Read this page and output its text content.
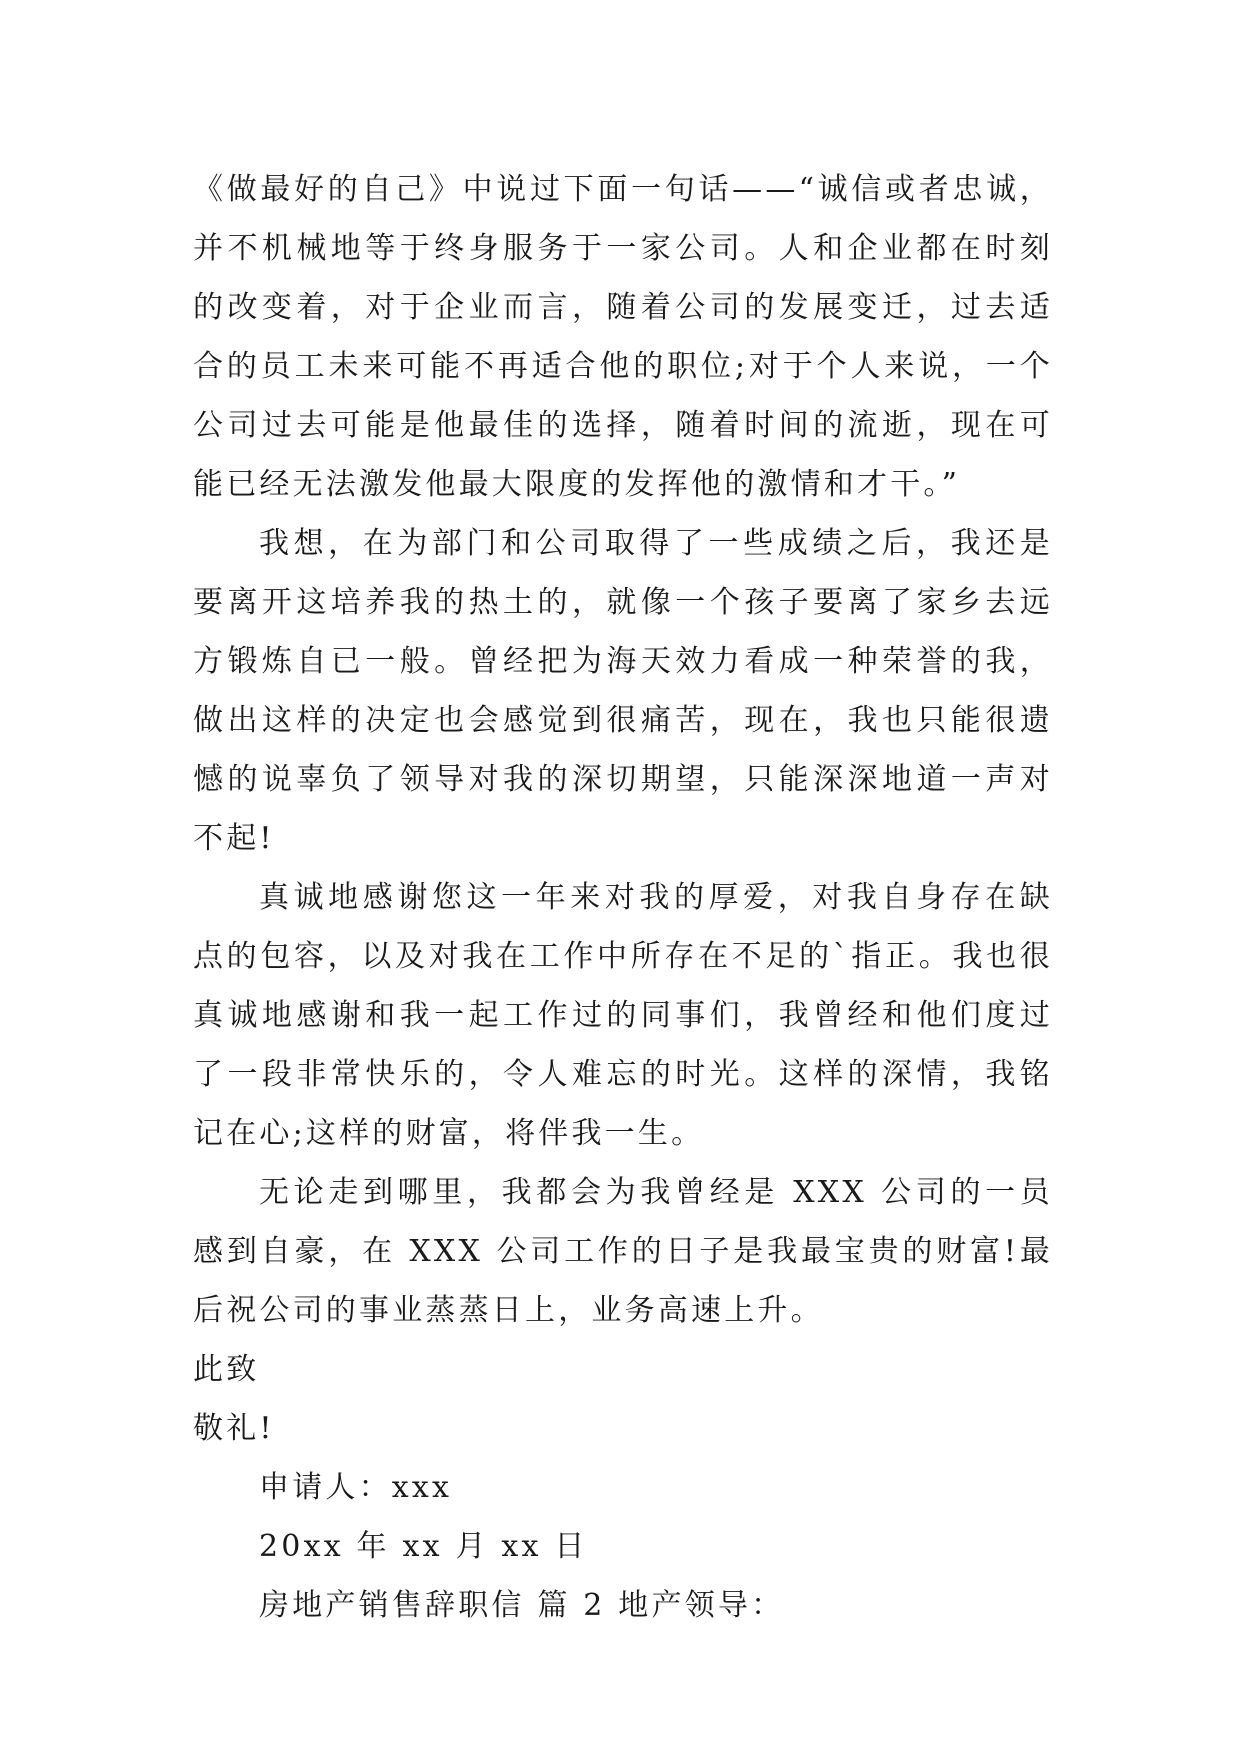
《做最好的自己》中说过下面一句话——“诚信或者忠诚，并不机械地等于终身服务于一家公司。人和企业都在时刻的改变着，对于企业而言，随着公司的发展变迁，过去适合的员工未来可能不再适合他的职位;对于个人来说，一个公司过去可能是他最佳的选择，随着时间的流逝，现在可能已经无法激发他最大限度的发挥他的激情和才干。”

我想，在为部门和公司取得了一些成绩之后，我还是要离开这培养我的热土的，就像一个孩子要离了家乡去远方锻炼自已一般。曾经把为海天效力看成一种荣誉的我，做出这样的决定也会感觉到很痛苦，现在，我也只能很遗憾的说辜负了领导对我的深切期望，只能深深地道一声对不起!

真诚地感谢您这一年来对我的厚爱，对我自身存在缺点的包容，以及对我在工作中所存在不足的`指正。我也很真诚地感谢和我一起工作过的同事们，我曾经和他们度过了一段非常快乐的，令人难忘的时光。这样的深情，我铭记在心;这样的财富，将伴我一生。

无论走到哪里，我都会为我曾经是 XXX 公司的一员感到自豪，在 XXX 公司工作的日子是我最宝贵的财富!最后祝公司的事业蒸蒸日上，业务高速上升。

此致

敬礼!

申请人：xxx

20xx 年 xx 月 xx 日

房地产销售辞职信 篇 2 地产领导：
